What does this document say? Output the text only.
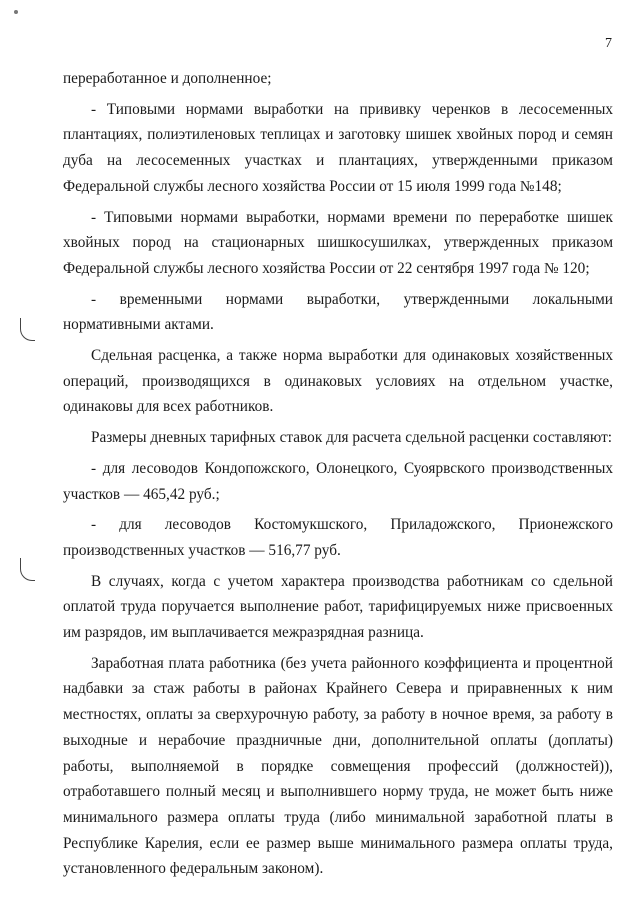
7

переработанное и дополненное;

- Типовыми нормами выработки на прививку черенков в лесосеменных плантациях, полиэтиленовых теплицах и заготовку шишек хвойных пород и семян дуба на лесосеменных участках и плантациях, утвержденными приказом Федеральной службы лесного хозяйства России от 15 июля 1999 года №148;

- Типовыми нормами выработки, нормами времени по переработке шишек хвойных пород на стационарных шишкосушилках, утвержденных приказом Федеральной службы лесного хозяйства России от 22 сентября 1997 года № 120;

- временными нормами выработки, утвержденными локальными нормативными актами.

Сдельная расценка, а также норма выработки для одинаковых хозяйственных операций, производящихся в одинаковых условиях на отдельном участке, одинаковы для всех работников.

Размеры дневных тарифных ставок для расчета сдельной расценки составляют:

- для лесоводов Кондопожского, Олонецкого, Суоярвского производственных участков — 465,42 руб.;

- для лесоводов Костомукшского, Приладожского, Прионежского производственных участков — 516,77 руб.

В случаях, когда с учетом характера производства работникам со сдельной оплатой труда поручается выполнение работ, тарифицируемых ниже присвоенных им разрядов, им выплачивается межразрядная разница.

Заработная плата работника (без учета районного коэффициента и процентной надбавки за стаж работы в районах Крайнего Севера и приравненных к ним местностях, оплаты за сверхурочную работу, за работу в ночное время, за работу в выходные и нерабочие праздничные дни, дополнительной оплаты (доплаты) работы, выполняемой в порядке совмещения профессий (должностей)), отработавшего полный месяц и выполнившего норму труда, не может быть ниже минимального размера оплаты труда (либо минимальной заработной платы в Республике Карелия, если ее размер выше минимального размера оплаты труда, установленного федеральным законом).
